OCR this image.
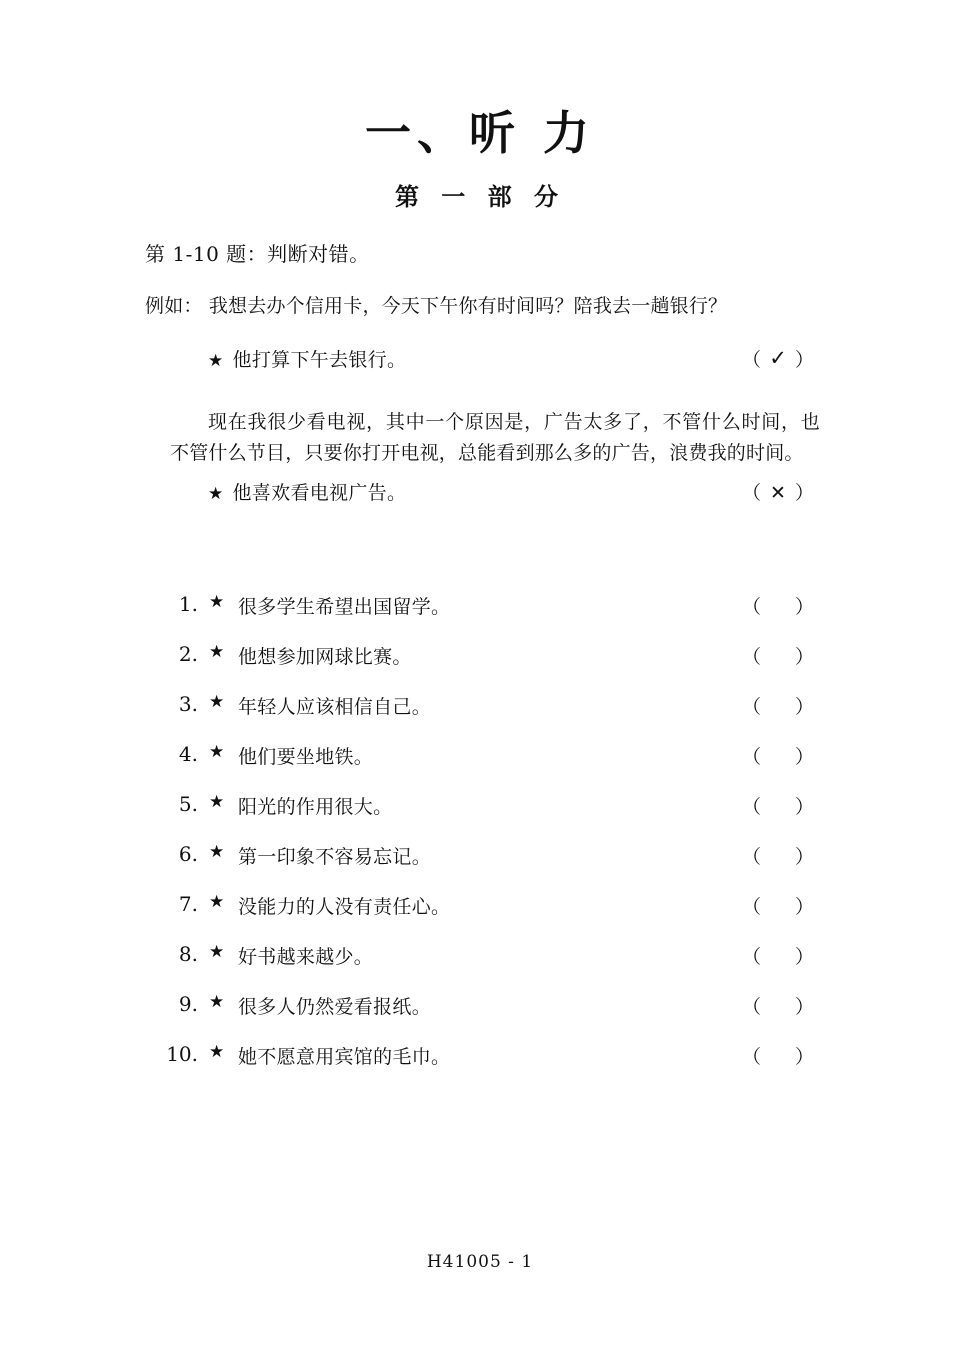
一、听 力
第 一 部 分
第 1-10 题：判断对错。
例如： 我想去办个信用卡，今天下午你有时间吗？陪我去一趟银行？
★ 他打算下午去银行。	（ ✓ ）
现在我很少看电视，其中一个原因是，广告太多了，不管什么时间，也不管什么节目，只要你打开电视，总能看到那么多的广告，浪费我的时间。
★ 他喜欢看电视广告。	（ ✕ ）
1. ★ 很多学生希望出国留学。	（ ）
2. ★ 他想参加网球比赛。	（ ）
3. ★ 年轻人应该相信自己。	（ ）
4. ★ 他们要坐地铁。	（ ）
5. ★ 阳光的作用很大。	（ ）
6. ★ 第一印象不容易忘记。	（ ）
7. ★ 没能力的人没有责任心。	（ ）
8. ★ 好书越来越少。	（ ）
9. ★ 很多人仍然爱看报纸。	（ ）
10. ★ 她不愿意用宾馆的毛巾。	（ ）
H41005 - 1
